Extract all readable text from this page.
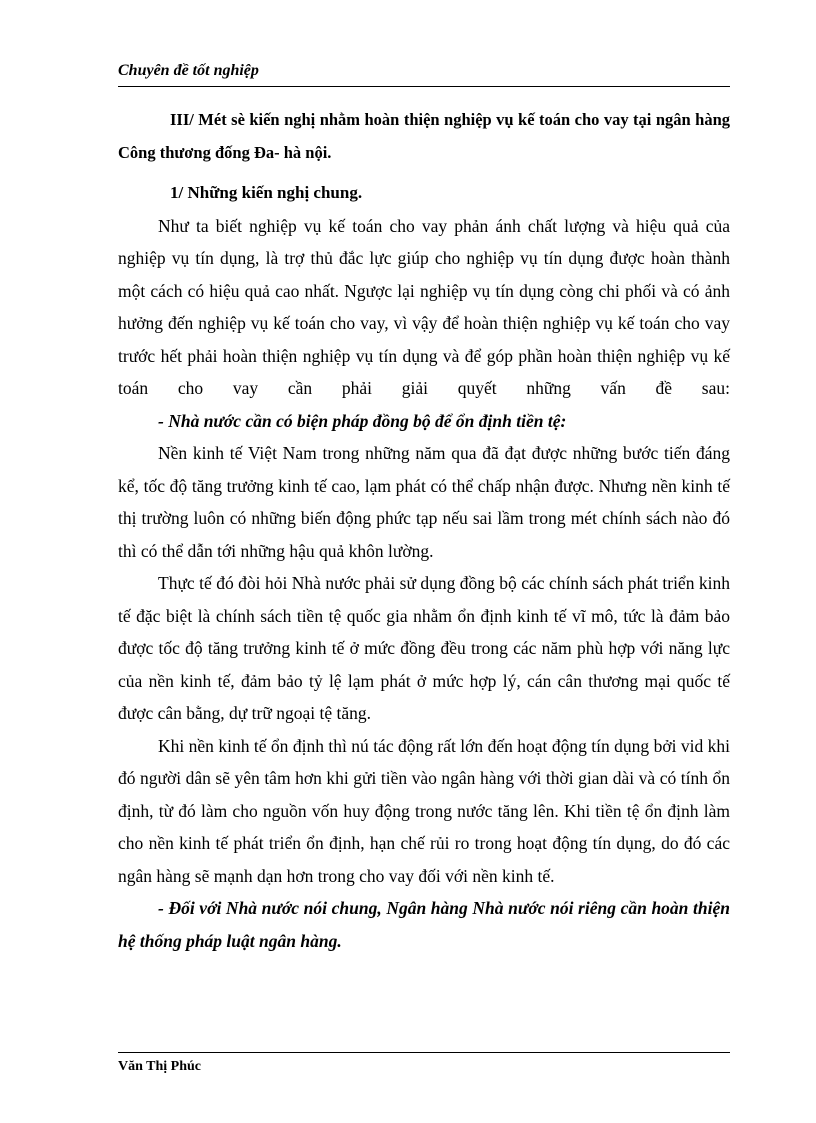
Chuyên đề tốt nghiệp

III/ Mét sè kiến nghị nhằm hoàn thiện nghiệp vụ kế toán cho vay tại ngân hàng Công thương đống Đa- hà nội.

1/ Những kiến nghị chung.

Như ta biết nghiệp vụ kế toán cho vay phản ánh chất lượng và hiệu quả của nghiệp vụ tín dụng, là trợ thủ đắc lực giúp cho nghiệp vụ tín dụng được hoàn thành một cách có hiệu quả cao nhất. Ngược lại nghiệp vụ tín dụng còng chi phối và có ảnh hưởng đến nghiệp vụ kế toán cho vay, vì vậy để hoàn thiện nghiệp vụ kế toán cho vay trước hết phải hoàn thiện nghiệp vụ tín dụng và để góp phần hoàn thiện nghiệp vụ kế toán cho vay cần phải giải quyết những vấn đề sau:

- Nhà nước cần có biện pháp đồng bộ để ổn định tiền tệ:

Nền kinh tế Việt Nam trong những năm qua đã đạt được những bước tiến đáng kể, tốc độ tăng trưởng kinh tế cao, lạm phát có thể chấp nhận được. Nhưng nền kinh tế thị trường luôn có những biến động phức tạp nếu sai lầm trong mét chính sách nào đó thì có thể dẫn tới những hậu quả khôn lường.

Thực tế đó đòi hỏi Nhà nước phải sử dụng đồng bộ các chính sách phát triển kinh tế đặc biệt là chính sách tiền tệ quốc gia nhằm ổn định kinh tế vĩ mô, tức là đảm bảo được tốc độ tăng trưởng kinh tế ở mức đồng đều trong các năm phù hợp với năng lực của nền kinh tế, đảm bảo tỷ lệ lạm phát ở mức hợp lý, cán cân thương mại quốc tế được cân bằng, dự trữ ngoại tệ tăng.

Khi nền kinh tế ổn định thì nú tác động rất lớn đến hoạt động tín dụng bởi vid khi đó người dân sẽ yên tâm hơn khi gửi tiền vào ngân hàng với thời gian dài và có tính ổn định, từ đó làm cho nguồn vốn huy động trong nước tăng lên. Khi tiền tệ ổn định làm cho nền kinh tế phát triển ổn định, hạn chế rủi ro trong hoạt động tín dụng, do đó các ngân hàng sẽ mạnh dạn hơn trong cho vay đối với nền kinh tế.

- Đối với Nhà nước nói chung, Ngân hàng Nhà nước nói riêng cần hoàn thiện hệ thống pháp luật ngân hàng.

Văn Thị Phúc
